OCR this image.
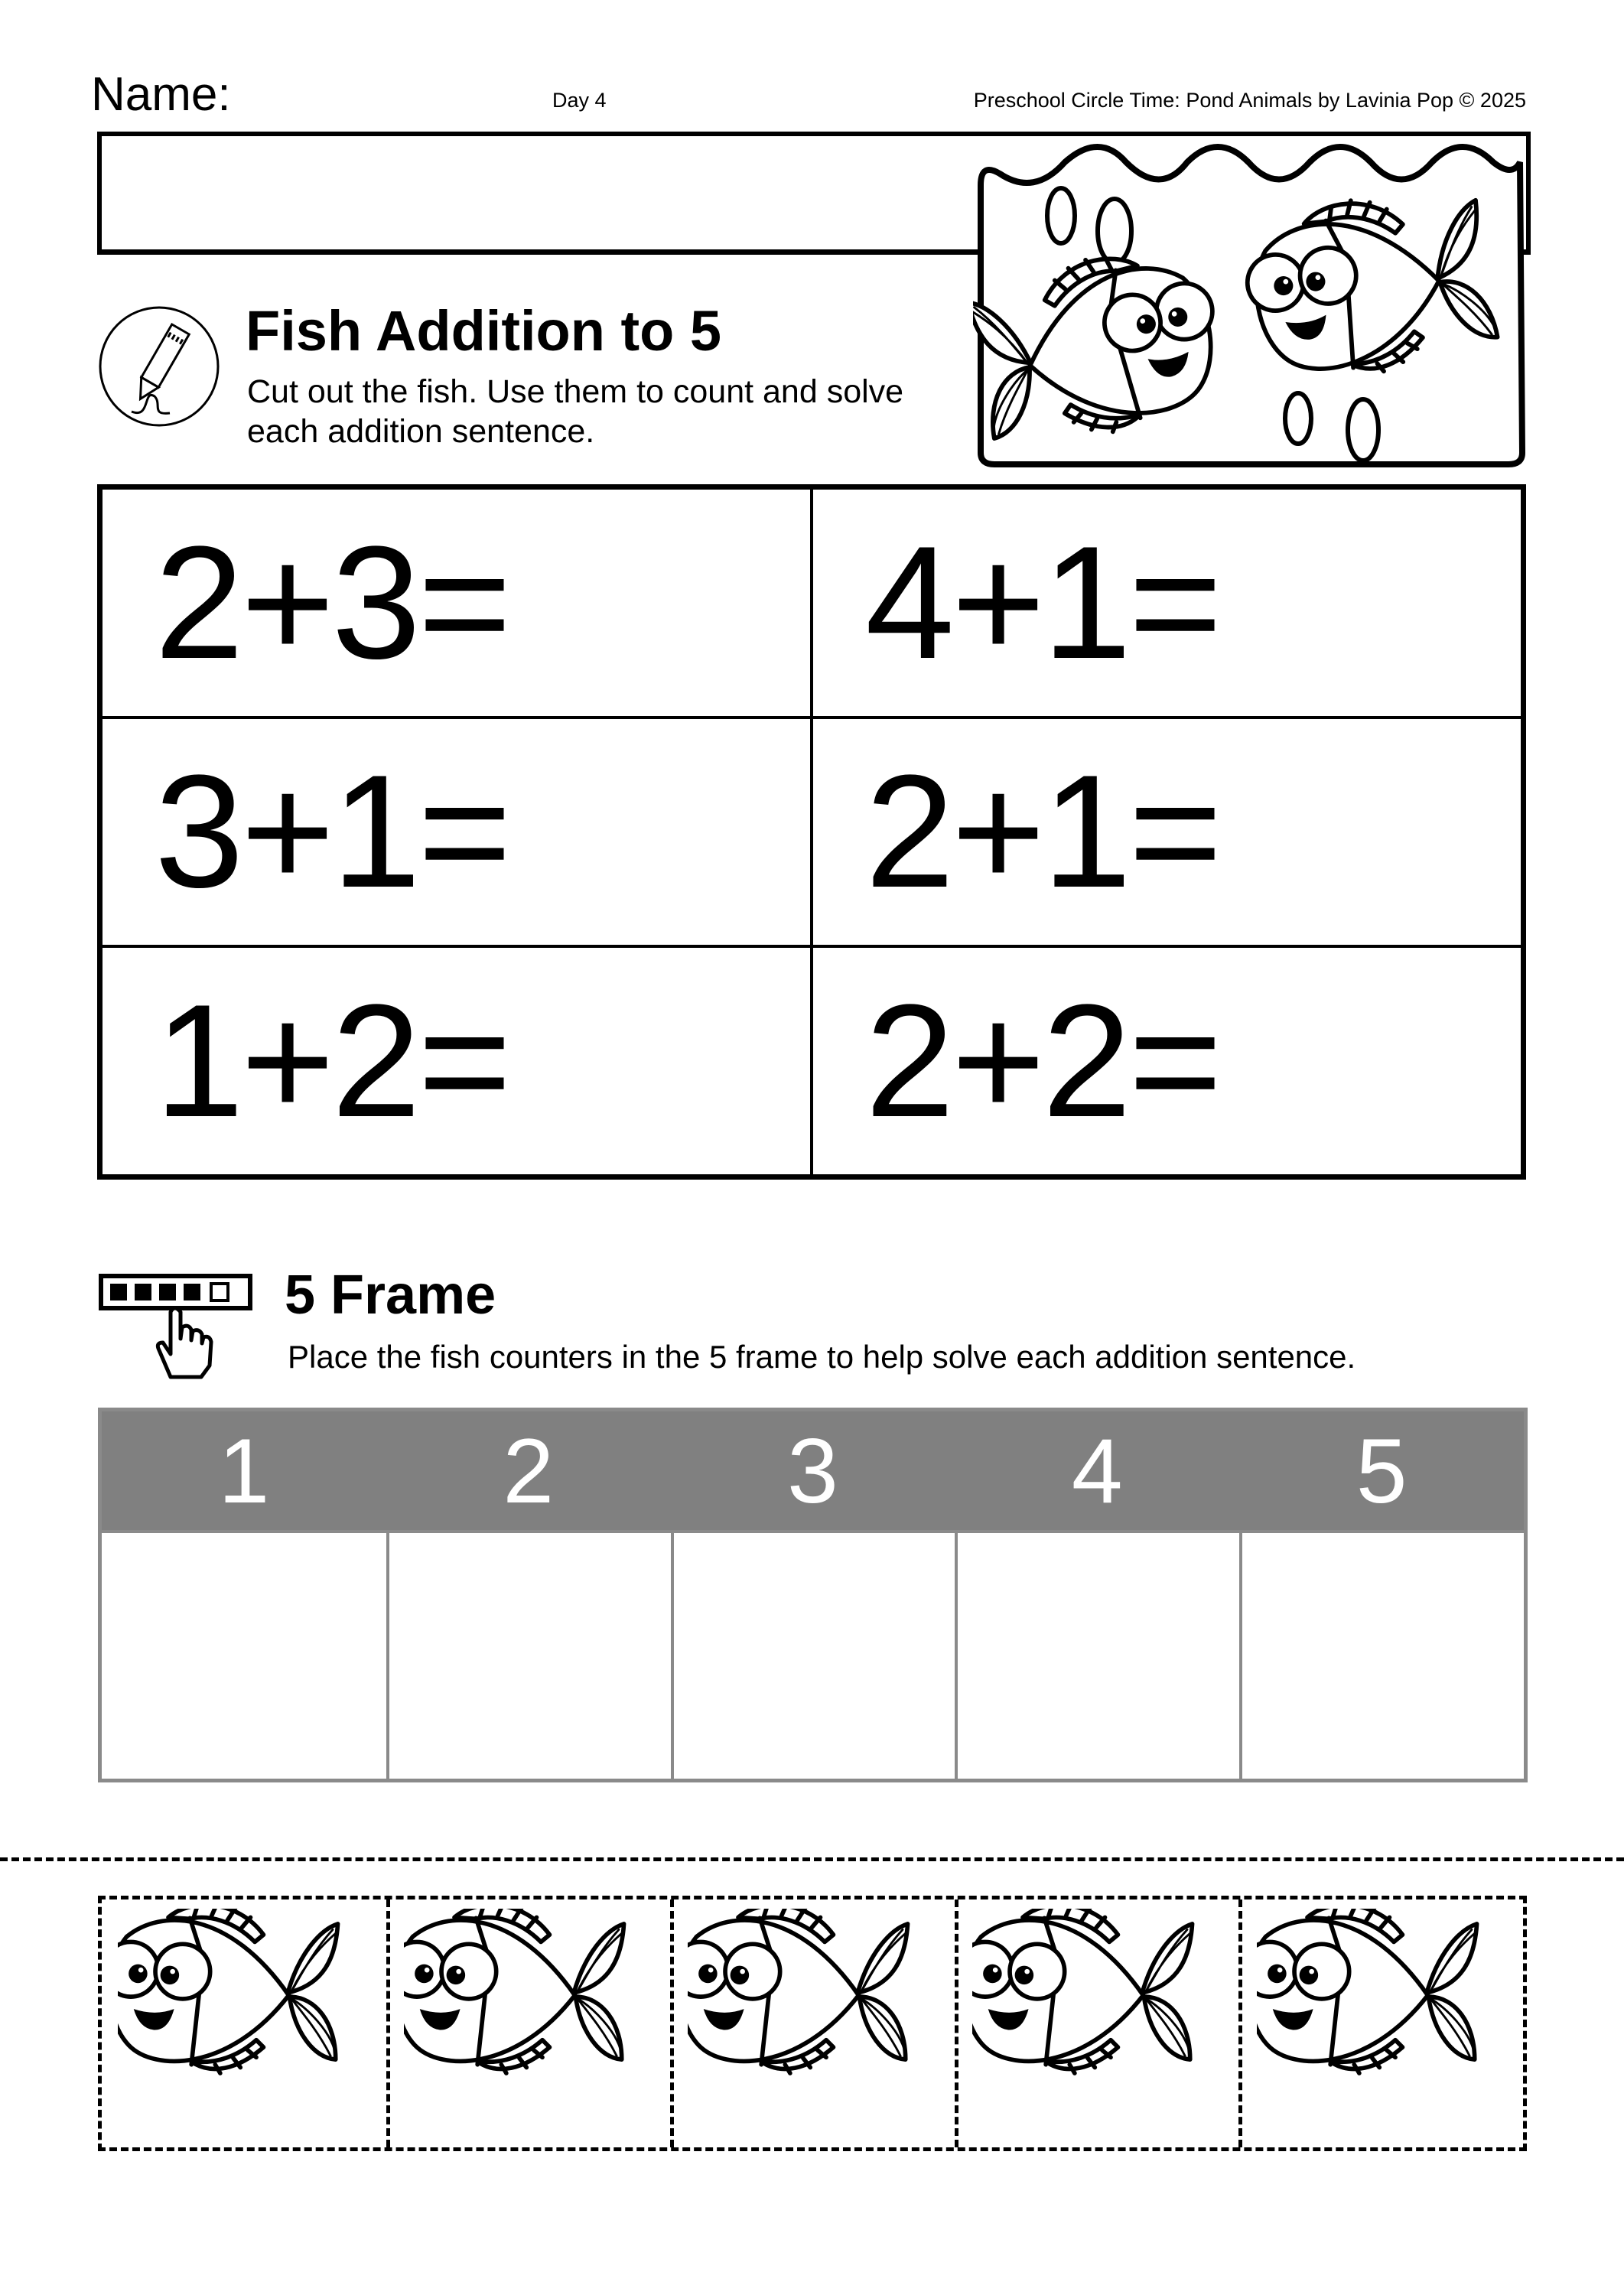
Name:	Day 4	Preschool Circle Time: Pond Animals by Lavinia Pop © 2025
Fish Addition to 5
Cut out the fish. Use them to count and solve each addition sentence.
2+3=	4+1=
3+1=	2+1=
1+2=	2+2=
5 Frame
Place the fish counters in the 5 frame to help solve each addition sentence.
1	2	3	4	5
